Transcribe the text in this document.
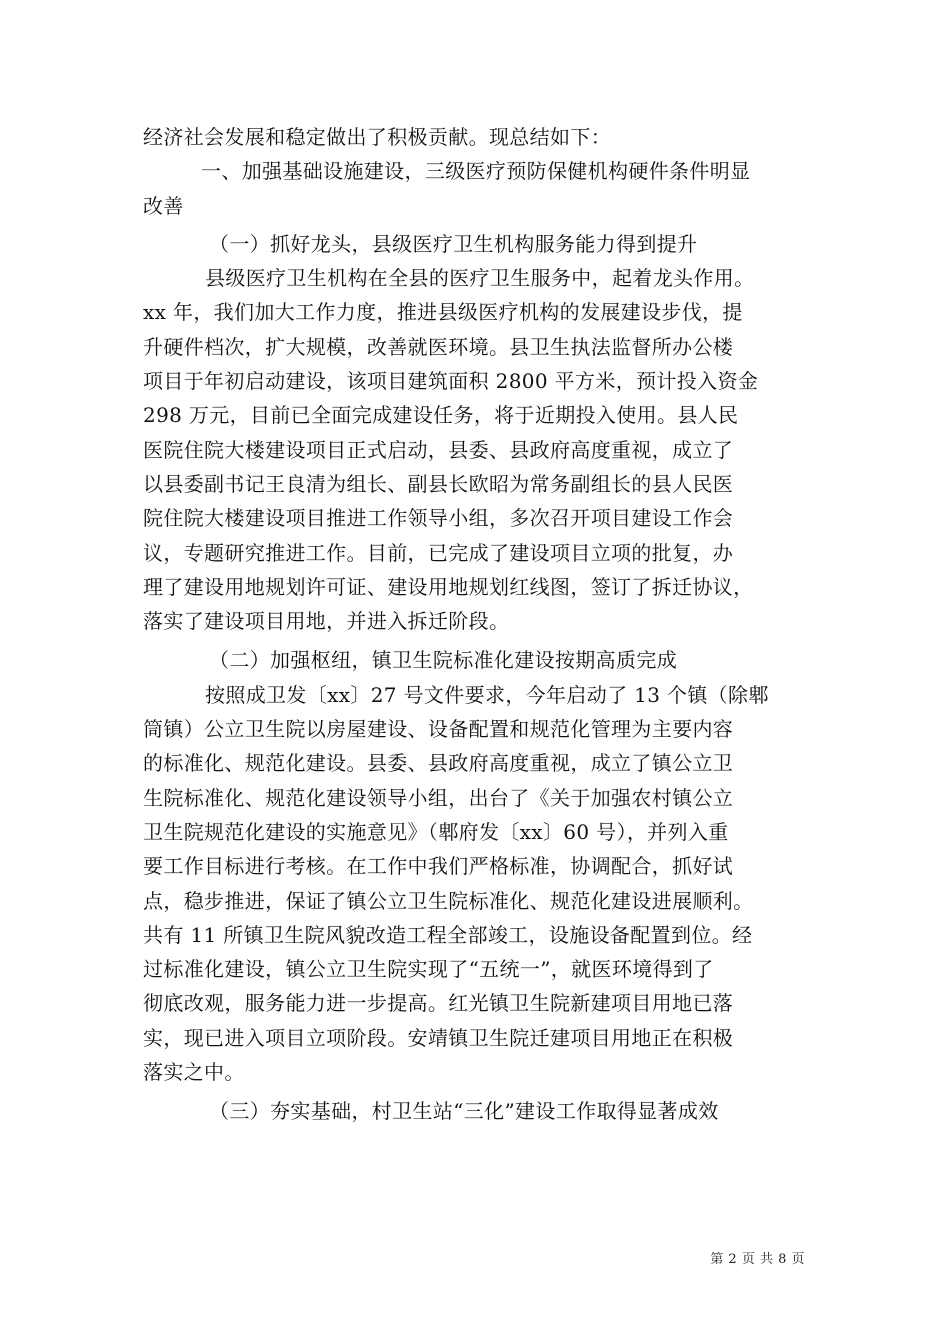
经济社会发展和稳定做出了积极贡献。现总结如下：
一、加强基础设施建设，三级医疗预防保健机构硬件条件明显
改善
（一）抓好龙头，县级医疗卫生机构服务能力得到提升
县级医疗卫生机构在全县的医疗卫生服务中，起着龙头作用。
xx 年，我们加大工作力度，推进县级医疗机构的发展建设步伐，提
升硬件档次，扩大规模，改善就医环境。县卫生执法监督所办公楼
项目于年初启动建设，该项目建筑面积 2800 平方米，预计投入资金
298 万元，目前已全面完成建设任务，将于近期投入使用。县人民
医院住院大楼建设项目正式启动，县委、县政府高度重视，成立了
以县委副书记王良清为组长、副县长欧昭为常务副组长的县人民医
院住院大楼建设项目推进工作领导小组，多次召开项目建设工作会
议，专题研究推进工作。目前，已完成了建设项目立项的批复，办
理了建设用地规划许可证、建设用地规划红线图，签订了拆迁协议，
落实了建设项目用地，并进入拆迁阶段。
（二）加强枢纽，镇卫生院标准化建设按期高质完成
按照成卫发〔xx〕27 号文件要求，今年启动了 13 个镇（除郫
筒镇）公立卫生院以房屋建设、设备配置和规范化管理为主要内容
的标准化、规范化建设。县委、县政府高度重视，成立了镇公立卫
生院标准化、规范化建设领导小组，出台了《关于加强农村镇公立
卫生院规范化建设的实施意见》（郫府发〔xx〕60 号），并列入重
要工作目标进行考核。在工作中我们严格标准，协调配合，抓好试
点，稳步推进，保证了镇公立卫生院标准化、规范化建设进展顺利。
共有 11 所镇卫生院风貌改造工程全部竣工，设施设备配置到位。经
过标准化建设，镇公立卫生院实现了“五统一”，就医环境得到了
彻底改观，服务能力进一步提高。红光镇卫生院新建项目用地已落
实，现已进入项目立项阶段。安靖镇卫生院迁建项目用地正在积极
落实之中。
（三）夯实基础，村卫生站“三化”建设工作取得显著成效
第 2 页 共 8 页
